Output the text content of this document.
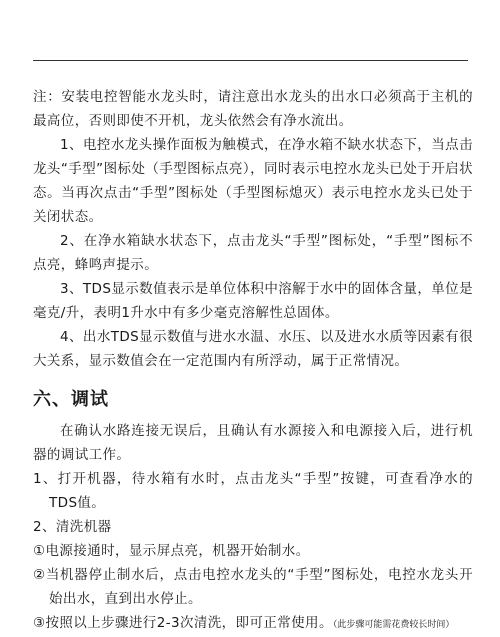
注：安装电控智能水龙头时，请注意出水龙头的出水口必须高于主机的最高位，否则即使不开机，龙头依然会有净水流出。

1、电控水龙头操作面板为触模式，在净水箱不缺水状态下，当点击龙头“手型”图标处（手型图标点亮），同时表示电控水龙头已处于开启状态。当再次点击“手型”图标处（手型图标熄灭）表示电控水龙头已处于关闭状态。

2、在净水箱缺水状态下，点击龙头“手型”图标处，“手型”图标不点亮，蜂鸣声提示。

3、TDS显示数值表示是单位体积中溶解于水中的固体含量，单位是毫克/升，表明1升水中有多少毫克溶解性总固体。

4、出水TDS显示数值与进水水温、水压、以及进水水质等因素有很大关系，显示数值会在一定范围内有所浮动，属于正常情况。

六、调试

在确认水路连接无误后，且确认有水源接入和电源接入后，进行机器的调试工作。

1、打开机器，待水箱有水时，点击龙头“手型”按键，可查看净水的TDS值。

2、清洗机器

①电源接通时，显示屏点亮，机器开始制水。

②当机器停止制水后，点击电控水龙头的“手型”图标处，电控水龙头开始出水，直到出水停止。

③按照以上步骤进行2-3次清洗，即可正常使用。（此步骤可能需花费较长时间）
